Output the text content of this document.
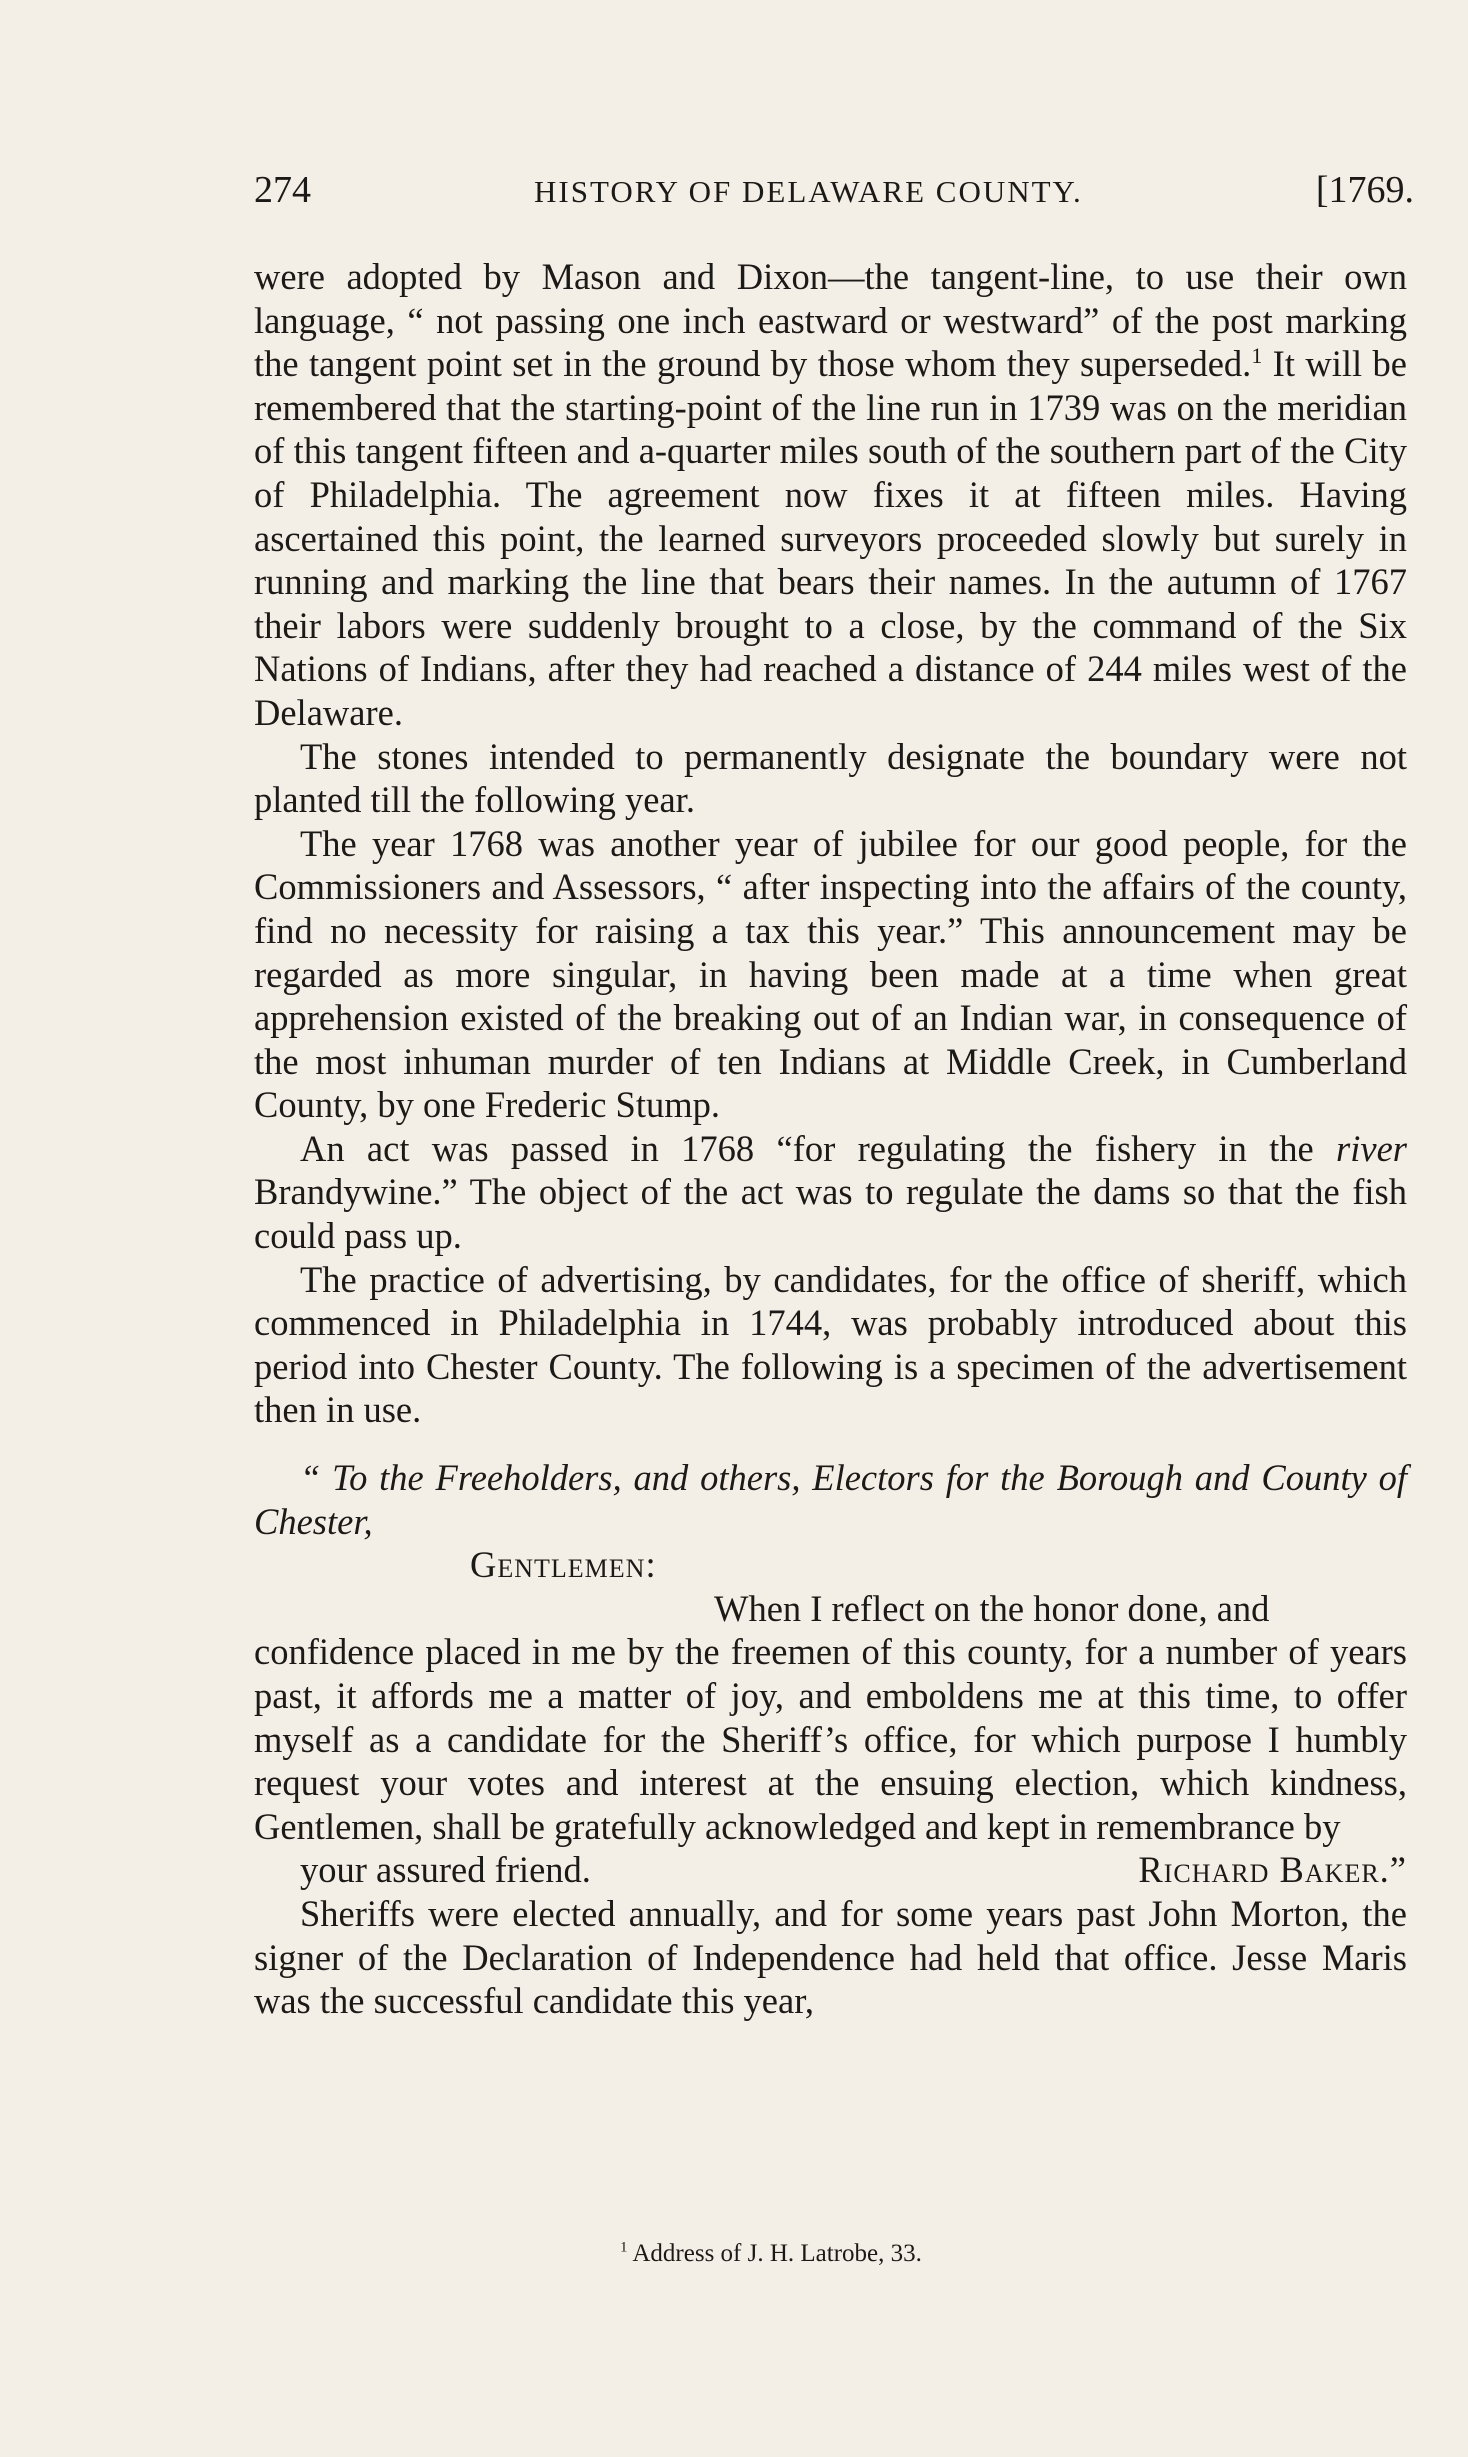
274	HISTORY OF DELAWARE COUNTY.	[1769.

were adopted by Mason and Dixon—the tangent-line, to use their own language, “ not passing one inch eastward or westward” of the post marking the tangent point set in the ground by those whom they superseded.$^1$ It will be remembered that the starting-point of the line run in 1739 was on the meridian of this tangent fifteen and a-quarter miles south of the southern part of the City of Philadelphia. The agreement now fixes it at fifteen miles. Having ascertained this point, the learned surveyors proceeded slowly but surely in running and marking the line that bears their names. In the autumn of 1767 their labors were suddenly brought to a close, by the command of the Six Nations of Indians, after they had reached a distance of 244 miles west of the Delaware.

The stones intended to permanently designate the boundary were not planted till the following year.

The year 1768 was another year of jubilee for our good people, for the Commissioners and Assessors, “ after inspecting into the affairs of the county, find no necessity for raising a tax this year.” This announcement may be regarded as more singular, in having been made at a time when great apprehension existed of the breaking out of an Indian war, in consequence of the most inhuman murder of ten Indians at Middle Creek, in Cumberland County, by one Frederic Stump.

An act was passed in 1768 “for regulating the fishery in the river Brandywine.” The object of the act was to regulate the dams so that the fish could pass up.

The practice of advertising, by candidates, for the office of sheriff, which commenced in Philadelphia in 1744, was probably introduced about this period into Chester County. The following is a specimen of the advertisement then in use.

“ To the Freeholders, and others, Electors for the Borough and County of Chester,

Gentlemen:

When I reflect on the honor done, and

confidence placed in me by the freemen of this county, for a number of years past, it affords me a matter of joy, and emboldens me at this time, to offer myself as a candidate for the Sheriff’s office, for which purpose I humbly request your votes and interest at the ensuing election, which kindness, Gentlemen, shall be gratefully acknowledged and kept in remembrance by

your assured friend.	Richard Baker.”

Sheriffs were elected annually, and for some years past John Morton, the signer of the Declaration of Independence had held that office. Jesse Maris was the successful candidate this year,

$^1$ Address of J. H. Latrobe, 33.
